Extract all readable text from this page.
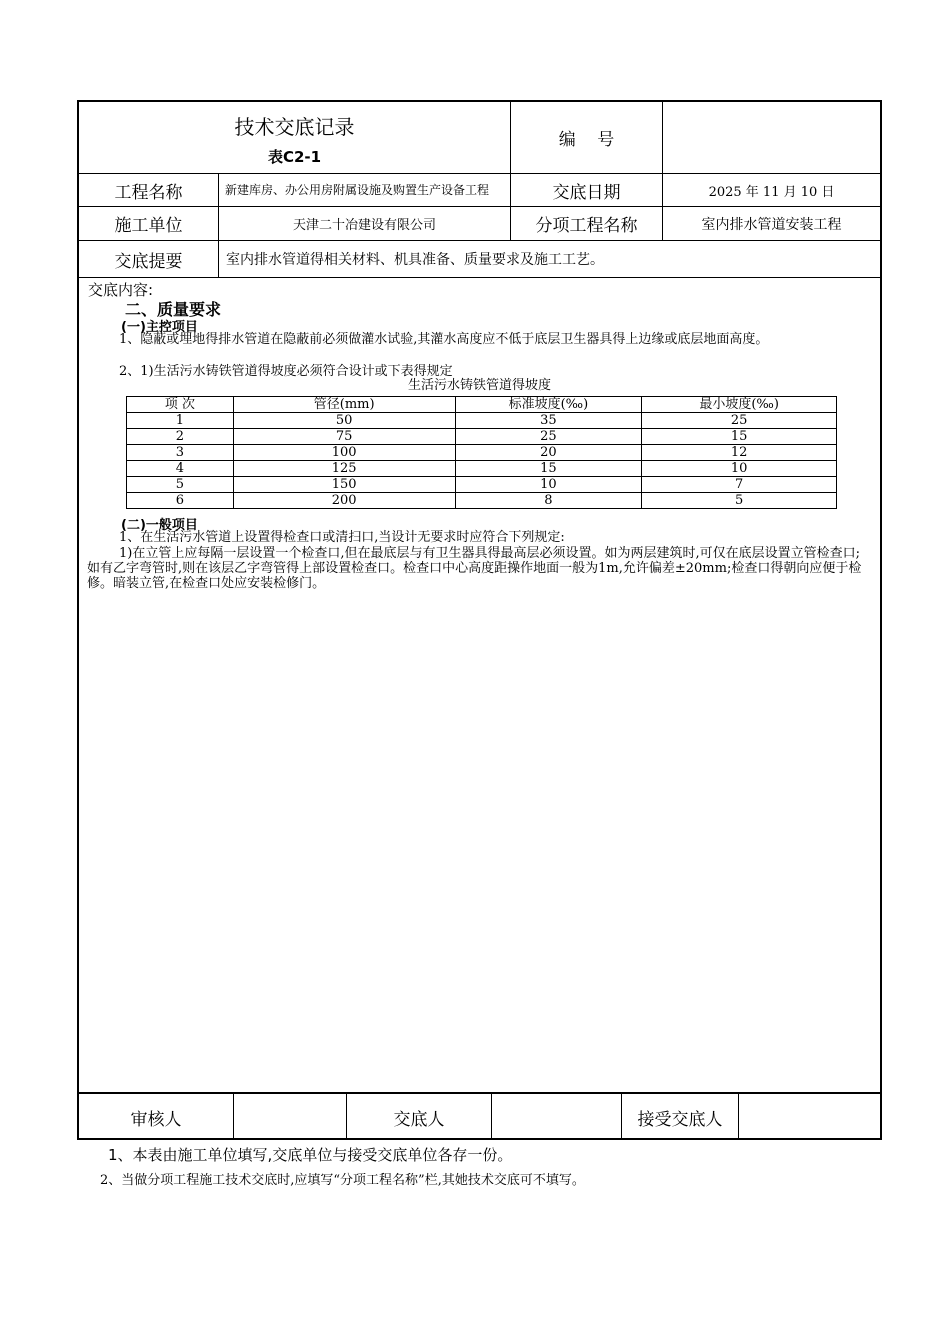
技术交底记录
表C2-1
编    号
工程名称	新建库房、办公用房附属设施及购置生产设备工程	交底日期	2025 年 11 月 10 日
施工单位	天津二十冶建设有限公司	分项工程名称	室内排水管道安装工程
交底提要	室内排水管道得相关材料、机具准备、质量要求及施工工艺。

交底内容:

二、质量要求

(一)主控项目

1、隐蔽或埋地得排水管道在隐蔽前必须做灌水试验,其灌水高度应不低于底层卫生器具得上边缘或底层地面高度。

2、1)生活污水铸铁管道得坡度必须符合设计或下表得规定

生活污水铸铁管道得坡度

项 次	管径(mm)	标准坡度(‰)	最小坡度(‰)
1	50	35	25
2	75	25	15
3	100	20	12
4	125	15	10
5	150	10	7
6	200	8	5

(二)一般项目

1、在生活污水管道上设置得检查口或清扫口,当设计无要求时应符合下列规定:

1)在立管上应每隔一层设置一个检查口,但在最底层与有卫生器具得最高层必须设置。如为两层建筑时,可仅在底层设置立管检查口;如有乙字弯管时,则在该层乙字弯管得上部设置检查口。检查口中心高度距操作地面一般为1m,允许偏差±20mm;检查口得朝向应便于检修。暗装立管,在检查口处应安装检修门。

审核人	交底人	接受交底人
1、本表由施工单位填写,交底单位与接受交底单位各存一份。
2、当做分项工程施工技术交底时,应填写“分项工程名称”栏,其她技术交底可不填写。
